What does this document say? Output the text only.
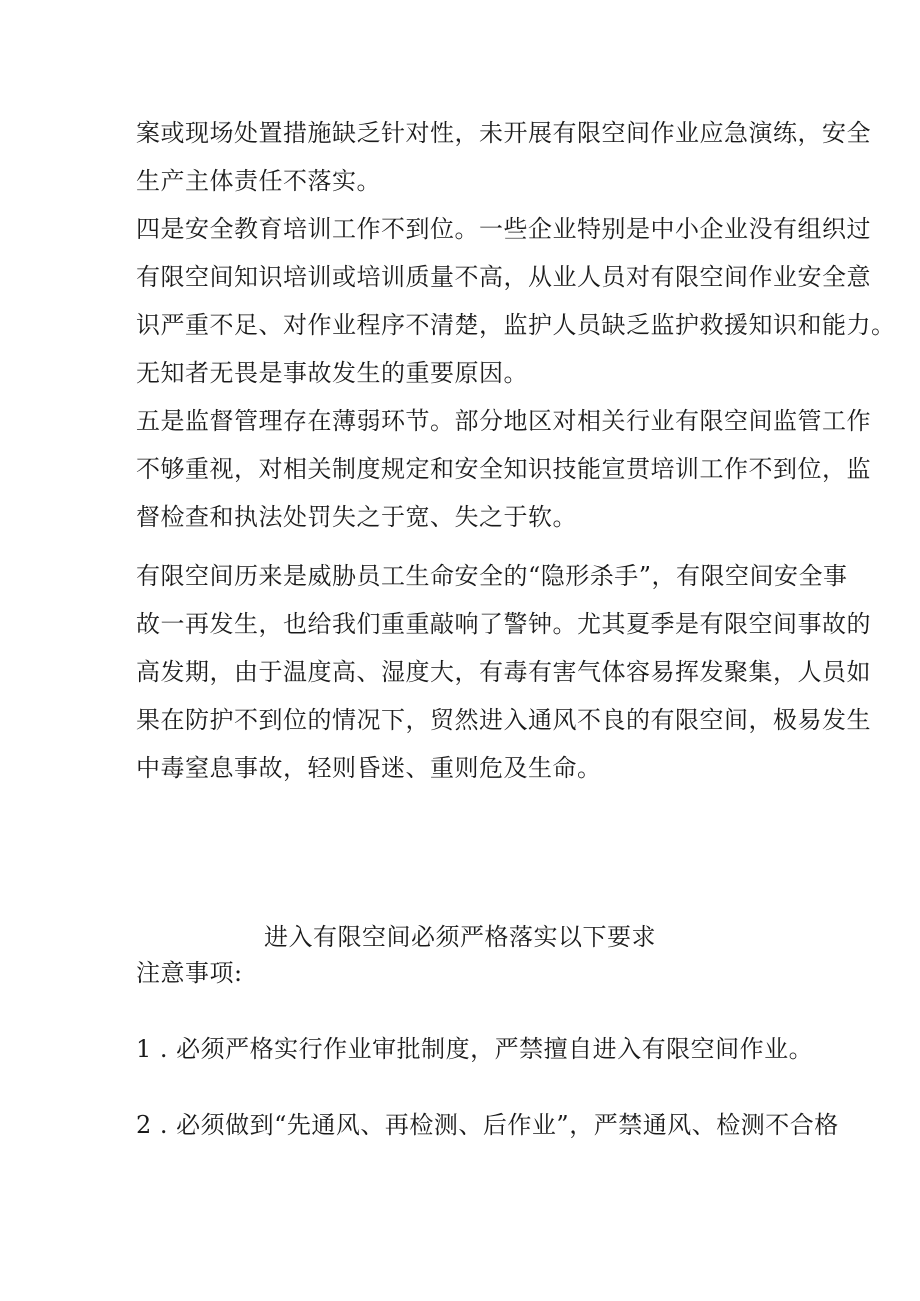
案或现场处置措施缺乏针对性，未开展有限空间作业应急演练，安全
生产主体责任不落实。
四是安全教育培训工作不到位。一些企业特别是中小企业没有组织过
有限空间知识培训或培训质量不高，从业人员对有限空间作业安全意
识严重不足、对作业程序不清楚，监护人员缺乏监护救援知识和能力。
无知者无畏是事故发生的重要原因。
五是监督管理存在薄弱环节。部分地区对相关行业有限空间监管工作
不够重视，对相关制度规定和安全知识技能宣贯培训工作不到位，监
督检查和执法处罚失之于宽、失之于软。
有限空间历来是威胁员工生命安全的“隐形杀手”，有限空间安全事
故一再发生，也给我们重重敲响了警钟。尤其夏季是有限空间事故的
高发期，由于温度高、湿度大，有毒有害气体容易挥发聚集，人员如
果在防护不到位的情况下，贸然进入通风不良的有限空间，极易发生
中毒窒息事故，轻则昏迷、重则危及生命。
进入有限空间必须严格落实以下要求
注意事项:
1 . 必须严格实行作业审批制度，严禁擅自进入有限空间作业。
2 . 必须做到“先通风、再检测、后作业”，严禁通风、检测不合格
